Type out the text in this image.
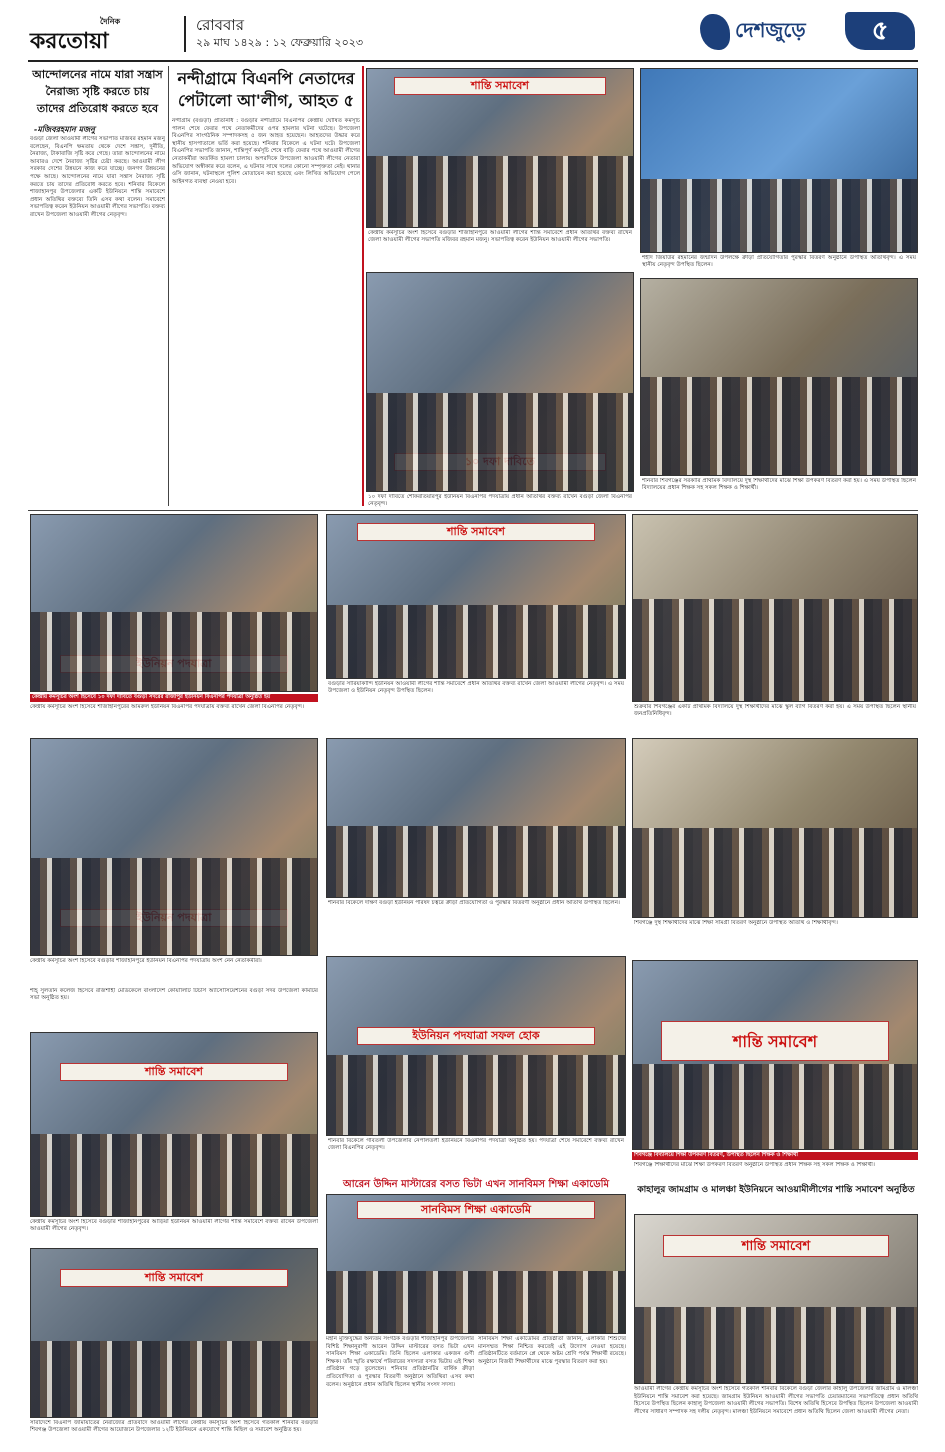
দৈনিক
করতোয়া
রোববার
২৯ মাঘ ১৪২৯ : ১২ ফেব্রুয়ারি ২০২৩
দেশজুড়ে	৫
আন্দোলনের নামে যারা সন্ত্রাস নৈরাজ্য সৃষ্টি করতে চায় তাদের প্রতিরোধ করতে হবে
-মজিবরহমান মজনু
বগুড়া জেলা আওয়ামী লীগের সভাপতি মজিবর রহমান মজনু বলেছেন, বিএনপি ক্ষমতায় থেকে দেশে সন্ত্রাস, দুর্নীতি, নৈরাজ্য, টাকাবাজি সৃষ্টি করে গেছে। তারা আন্দোলনের নামে আবারও দেশে নৈরাজ্য সৃষ্টির চেষ্টা করছে। আওয়ামী লীগ সরকার দেশের উন্নয়নে কাজ করে যাচ্ছে। জনগণ উন্নয়নের পক্ষে আছে। আন্দোলনের নামে যারা সন্ত্রাস নৈরাজ্য সৃষ্টি করতে চায় তাদের প্রতিরোধ করতে হবে। শনিবার বিকেলে শাজাহানপুর উপজেলার একটি ইউনিয়নে শান্তি সমাবেশে প্রধান অতিথির বক্তব্যে তিনি এসব কথা বলেন। সমাবেশে সভাপতিত্ব করেন ইউনিয়ন আওয়ামী লীগের সভাপতি। বক্তব্য রাখেন উপজেলা আওয়ামী লীগের নেতৃবৃন্দ।
নন্দীগ্রামে বিএনপি নেতাদের পেটালো আ'লীগ, আহত ৫
নন্দীগ্রাম (বগুড়া) প্রতিনিধি : বগুড়ার নন্দীগ্রামে বিএনপির কেন্দ্রীয় ঘোষিত কর্মসূচি পালন শেষে ফেরার পথে নেতাকর্মীদের ওপর হামলার ঘটনা ঘটেছে। উপজেলা বিএনপির সাংগঠনিক সম্পাদকসহ ৫ জন আহত হয়েছেন। আহতদের উদ্ধার করে স্থানীয় হাসপাতালে ভর্তি করা হয়েছে। শনিবার বিকেলে এ ঘটনা ঘটে। উপজেলা বিএনপির সভাপতি জানান, শান্তিপূর্ণ কর্মসূচি শেষে বাড়ি ফেরার পথে আওয়ামী লীগের নেতাকর্মীরা অতর্কিত হামলা চালায়। অপরদিকে উপজেলা আওয়ামী লীগের নেতারা অভিযোগ অস্বীকার করে বলেন, এ ঘটনার সাথে দলের কোনো সম্পৃক্ততা নেই। থানার ওসি জানান, ঘটনাস্থলে পুলিশ মোতায়েন করা হয়েছে এবং লিখিত অভিযোগ পেলে আইনগত ব্যবস্থা নেওয়া হবে।
শান্তি সমাবেশ
কেন্দ্রীয় কর্মসূচির অংশ হিসেবে বগুড়ার শাজাহানপুরে আওয়ামী লীগের শান্তি সমাবেশে প্রধান অতিথির বক্তব্য রাখেন জেলা আওয়ামী লীগের সভাপতি মজিবর রহমান মজনু। সভাপতিত্ব করেন ইউনিয়ন আওয়ামী লীগের সভাপতি।
শহীদ জিয়াউর রহমানের জন্মদিন উপলক্ষে ক্রীড়া প্রতিযোগিতার পুরস্কার বিতরণ অনুষ্ঠানে উপস্থিত অতিথিবৃন্দ। এ সময় স্থানীয় নেতৃবৃন্দ উপস্থিত ছিলেন।
১০ দফা দাবিতে শোকরতিয়ারপুর ইউনিয়ন বিএনপির পদযাত্রায় প্রধান অতিথির বক্তব্য রাখেন বগুড়া জেলা বিএনপির নেতৃবৃন্দ।
শনিবার শিবগঞ্জের সরকারি প্রাথমিক বিদ্যালয়ে দুস্থ শিক্ষার্থীদের মাঝে শিক্ষা উপকরণ বিতরণ করা হয়। এ সময় উপস্থিত ছিলেন বিদ্যালয়ের প্রধান শিক্ষক সহ সকল শিক্ষক ও শিক্ষার্থী।
কেন্দ্রীয় কর্মসূচির অংশ হিসেবে ১০ দফা দাবিতে বগুড়া সদরের রাজাপুর ইউনিয়ন বিএনপির পদযাত্রা অনুষ্ঠিত হয়
কেন্দ্রীয় কর্মসূচির অংশ হিসেবে শাজাহানপুরের আমরুল ইউনিয়ন বিএনপির পদযাত্রায় বক্তব্য রাখেন জেলা বিএনপির নেতৃবৃন্দ।
শান্তি সমাবেশ
বগুড়ার সারিয়াকান্দি ইউনিয়ন আওয়ামী লীগের শান্তি সমাবেশে প্রধান অতিথির বক্তব্য রাখেন জেলা আওয়ামী লীগের নেতৃবৃন্দ। এ সময় উপজেলা ও ইউনিয়ন নেতৃবৃন্দ উপস্থিত ছিলেন।
শুক্রবার শিবগঞ্জের একটি প্রাথমিক বিদ্যালয়ে দুস্থ শিক্ষার্থীদের মাঝে স্কুল ব্যাগ বিতরণ করা হয়। এ সময় উপস্থিত ছিলেন স্থানীয় জনপ্রতিনিধিবৃন্দ।
কেন্দ্রীয় কর্মসূচির অংশ হিসেবে বগুড়ার শাজাহানপুরে ইউনিয়ন বিএনপির পদযাত্রায় অংশ নেন নেতাকর্মীরা।
শনিবার বিকেলে দক্ষিণ বগুড়া ইউনিয়ন পরিষদ চত্বরে ক্রীড়া প্রতিযোগিতা ও পুরস্কার বিতরণী অনুষ্ঠানে প্রধান অতিথি উপস্থিত ছিলেন।
শিবগঞ্জে দুস্থ শিক্ষার্থীদের মাঝে শিক্ষা সামগ্রী বিতরণ অনুষ্ঠানে উপস্থিত অতিথি ও শিক্ষার্থীবৃন্দ।
শাহ্ সুলতান কলেজ হিসেবে রাজশাহী মেডিকেলে বাংলাদেশ কোয়ালিটি টিচার্স অ্যাসোসিয়েশনের বগুড়া সদর উপজেলা কমিটির সভা অনুষ্ঠিত হয়।
ইউনিয়ন পদযাত্রা সফল হোক
শান্তি সমাবেশ
কেন্দ্রীয় কর্মসূচির অংশ হিসেবে বগুড়ার শাজাহানপুরের আড়িয়া ইউনিয়ন আওয়ামী লীগের শান্তি সমাবেশে বক্তব্য রাখেন উপজেলা আওয়ামী লীগের নেতৃবৃন্দ।
শনিবার বিকেলে গাবতলী উপজেলার নেপালতলী ইউনিয়নে বিএনপির পদযাত্রা অনুষ্ঠিত হয়। পদযাত্রা শেষে সমাবেশে বক্তব্য রাখেন জেলা বিএনপির নেতৃবৃন্দ।
শান্তি সমাবেশ
শিবগঞ্জে বিদ্যালয়ে শিক্ষা উপকরণ বিতরণ, উপস্থিত ছিলেন শিক্ষক ও শিক্ষার্থী
শিবগঞ্জে শিক্ষার্থীদের মাঝে শিক্ষা উপকরণ বিতরণ অনুষ্ঠানে উপস্থিত প্রধান শিক্ষক সহ সকল শিক্ষক ও শিক্ষার্থী।
শান্তি সমাবেশ
সারাদেশে বিএনপি জামায়াতের নৈরাজ্যের প্রতিবাদে আওয়ামী লীগের কেন্দ্রীয় কর্মসূচির অংশ হিসেবে গতকাল শনিবার বগুড়ার শিবগঞ্জ উপজেলা আওয়ামী লীগের আয়োজনে উপজেলার ১২টি ইউনিয়নে একযোগে শান্তি মিছিল ও সমাবেশ অনুষ্ঠিত হয়।
আরেন উদ্দিন মাস্টারের বসত ভিটা এখন সানবিমস শিক্ষা একাডেমি
সানবিমস শিক্ষা একাডেমি
মহান মুক্তিযুদ্ধের অন্যতম সংগঠক বগুড়ার শাজাহানপুর উপজেলার বিশিষ্ট শিক্ষানুরাগী আরেন উদ্দিন মাস্টারের বসত ভিটা এখন সানবিমস শিক্ষা একাডেমি। তিনি ছিলেন এলাকার একজন গুণী শিক্ষক। তাঁর স্মৃতি রক্ষার্থে পরিবারের সদস্যরা বসত ভিটায় এই শিক্ষা প্রতিষ্ঠান গড়ে তুলেছেন। শনিবার প্রতিষ্ঠানটির বার্ষিক ক্রীড়া প্রতিযোগিতা ও পুরস্কার বিতরণী অনুষ্ঠানে অতিথিরা এসব কথা বলেন। অনুষ্ঠানে প্রধান অতিথি ছিলেন স্থানীয় সংসদ সদস্য।
সানবিমস শিক্ষা একাডেমির প্রতিষ্ঠাতা জানান, এলাকার শিশুদের মানসম্মত শিক্ষা নিশ্চিত করতেই এই উদ্যোগ নেওয়া হয়েছে। প্রতিষ্ঠানটিতে বর্তমানে প্লে থেকে অষ্টম শ্রেণি পর্যন্ত শিক্ষার্থী রয়েছে। অনুষ্ঠানে বিজয়ী শিক্ষার্থীদের মাঝে পুরস্কার বিতরণ করা হয়।
কাহালুর জামগ্রাম ও মালঞ্চা ইউনিয়নে আওয়ামীলীগের শান্তি সমাবেশ অনুষ্ঠিত
শান্তি সমাবেশ
আওয়ামী লীগের কেন্দ্রীয় কর্মসূচির অংশ হিসেবে গতকাল শনিবার বিকেলে বগুড়া জেলার কাহালু উপজেলার জামগ্রাম ও মালঞ্চা ইউনিয়নে শান্তি সমাবেশ করা হয়েছে। জামগ্রাম ইউনিয়ন আওয়ামী লীগের সভাপতি চেয়ারম্যানের সভাপতিত্বে প্রধান অতিথি হিসেবে উপস্থিত ছিলেন কাহালু উপজেলা আওয়ামী লীগের সভাপতি। বিশেষ অতিথি হিসেবে উপস্থিত ছিলেন উপজেলা আওয়ামী লীগের সাধারণ সম্পাদক সহ দলীয় নেতৃবৃন্দ। মালঞ্চা ইউনিয়নে সমাবেশে প্রধান অতিথি ছিলেন জেলা আওয়ামী লীগের নেতা।
